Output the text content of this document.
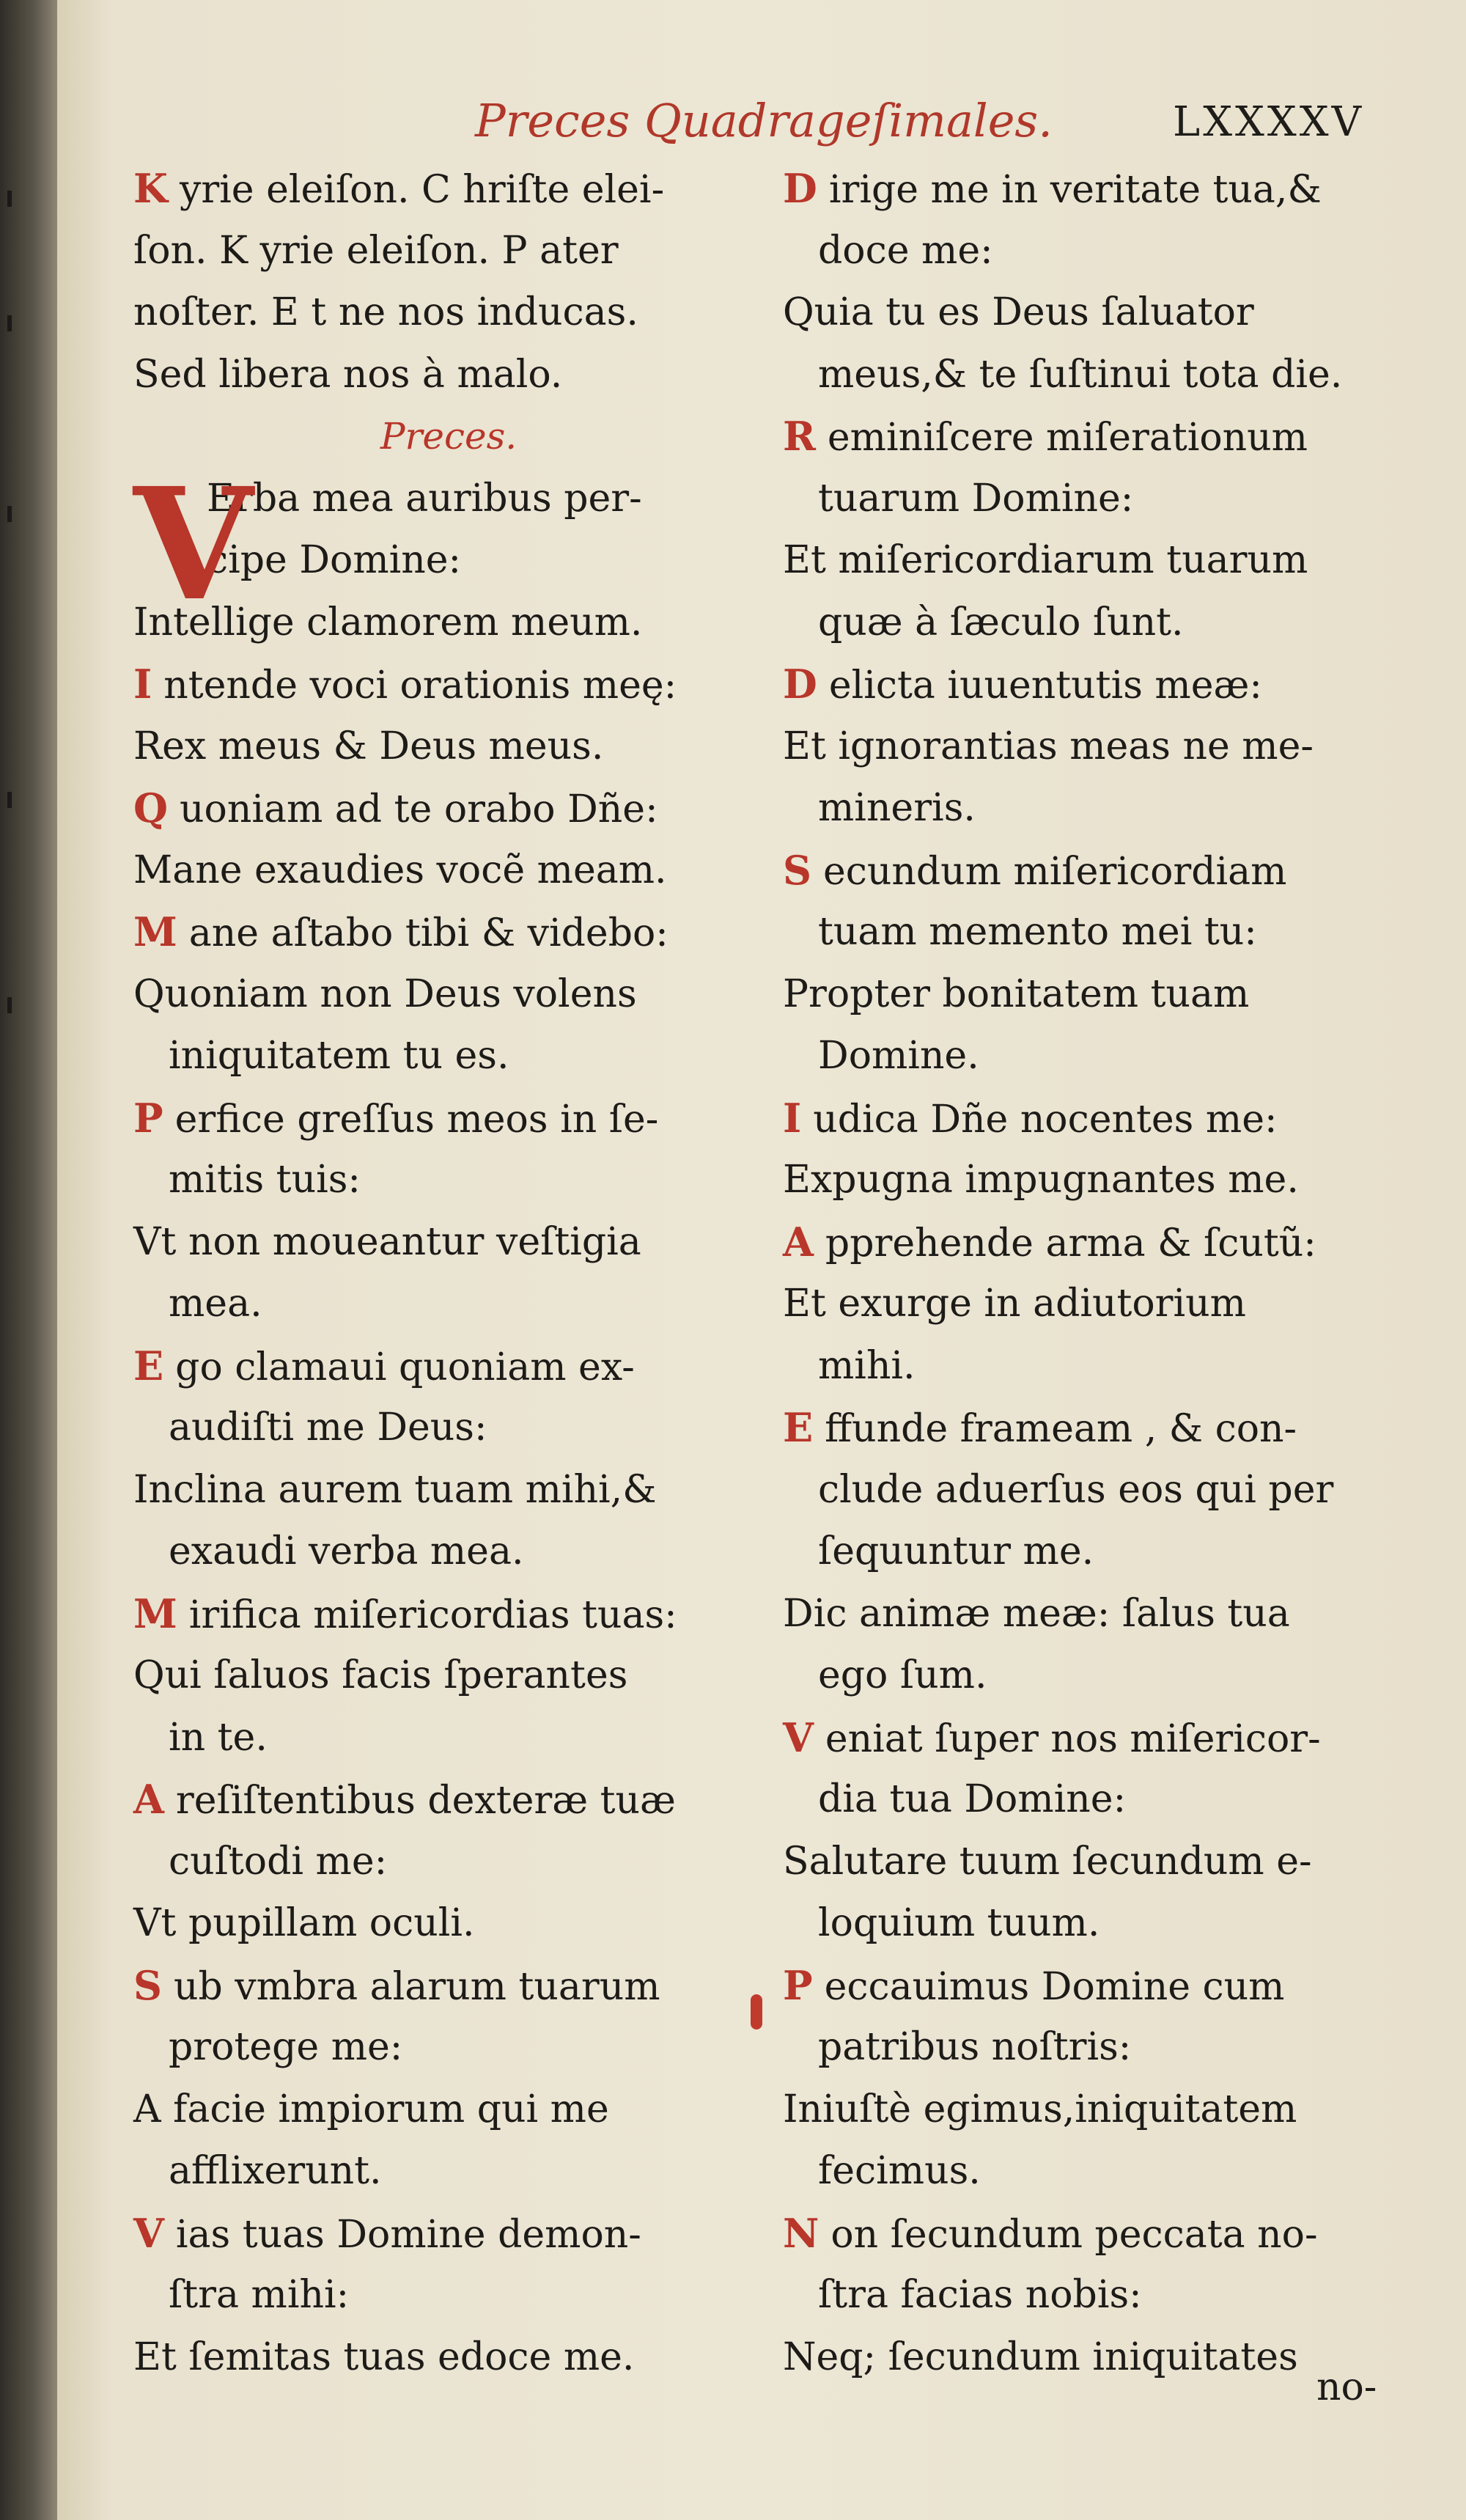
Preces Quadrageſimales.	LXXXXV
K yrie eleiſon. C hriſte elei-
ſon. K yrie eleiſon. P ater
noſter. E t ne nos inducas.
Sed libera nos à malo.
Preces.
V
Erba mea auribus per-
cipe Domine:
Intellige clamorem meum.
I ntende voci orationis meę:
Rex meus & Deus meus.
Q uoniam ad te orabo Dñe:
Mane exaudies vocẽ meam.
M ane aſtabo tibi & videbo:
Quoniam non Deus volens
iniquitatem tu es.
P erfice greſſus meos in ſe-
mitis tuis:
Vt non moueantur veſtigia
mea.
E go clamaui quoniam ex-
audiſti me Deus:
Inclina aurem tuam mihi,&
exaudi verba mea.
M irifica miſericordias tuas:
Qui ſaluos facis ſperantes
in te.
A reſiſtentibus dexteræ tuæ
cuſtodi me:
Vt pupillam oculi.
S ub vmbra alarum tuarum
protege me:
A facie impiorum qui me
afflixerunt.
V ias tuas Domine demon-
ſtra mihi:
Et ſemitas tuas edoce me.
D irige me in veritate tua,&
doce me:
Quia tu es Deus ſaluator
meus,& te ſuſtinui tota die.
R eminiſcere miſerationum
tuarum Domine:
Et miſericordiarum tuarum
quæ à ſæculo ſunt.
D elicta iuuentutis meæ:
Et ignorantias meas ne me-
mineris.
S ecundum miſericordiam
tuam memento mei tu:
Propter bonitatem tuam
Domine.
I udica Dñe nocentes me:
Expugna impugnantes me.
A pprehende arma & ſcutũ:
Et exurge in adiutorium
mihi.
E ffunde frameam , & con-
clude aduerſus eos qui per
ſequuntur me.
Dic animæ meæ: ſalus tua
ego ſum.
V eniat ſuper nos miſericor-
dia tua Domine:
Salutare tuum ſecundum e-
loquium tuum.
P eccauimus Domine cum
patribus noſtris:
Iniuſtè egimus,iniquitatem
fecimus.
N on ſecundum peccata no-
ſtra facias nobis:
Neq; ſecundum iniquitates
no-
